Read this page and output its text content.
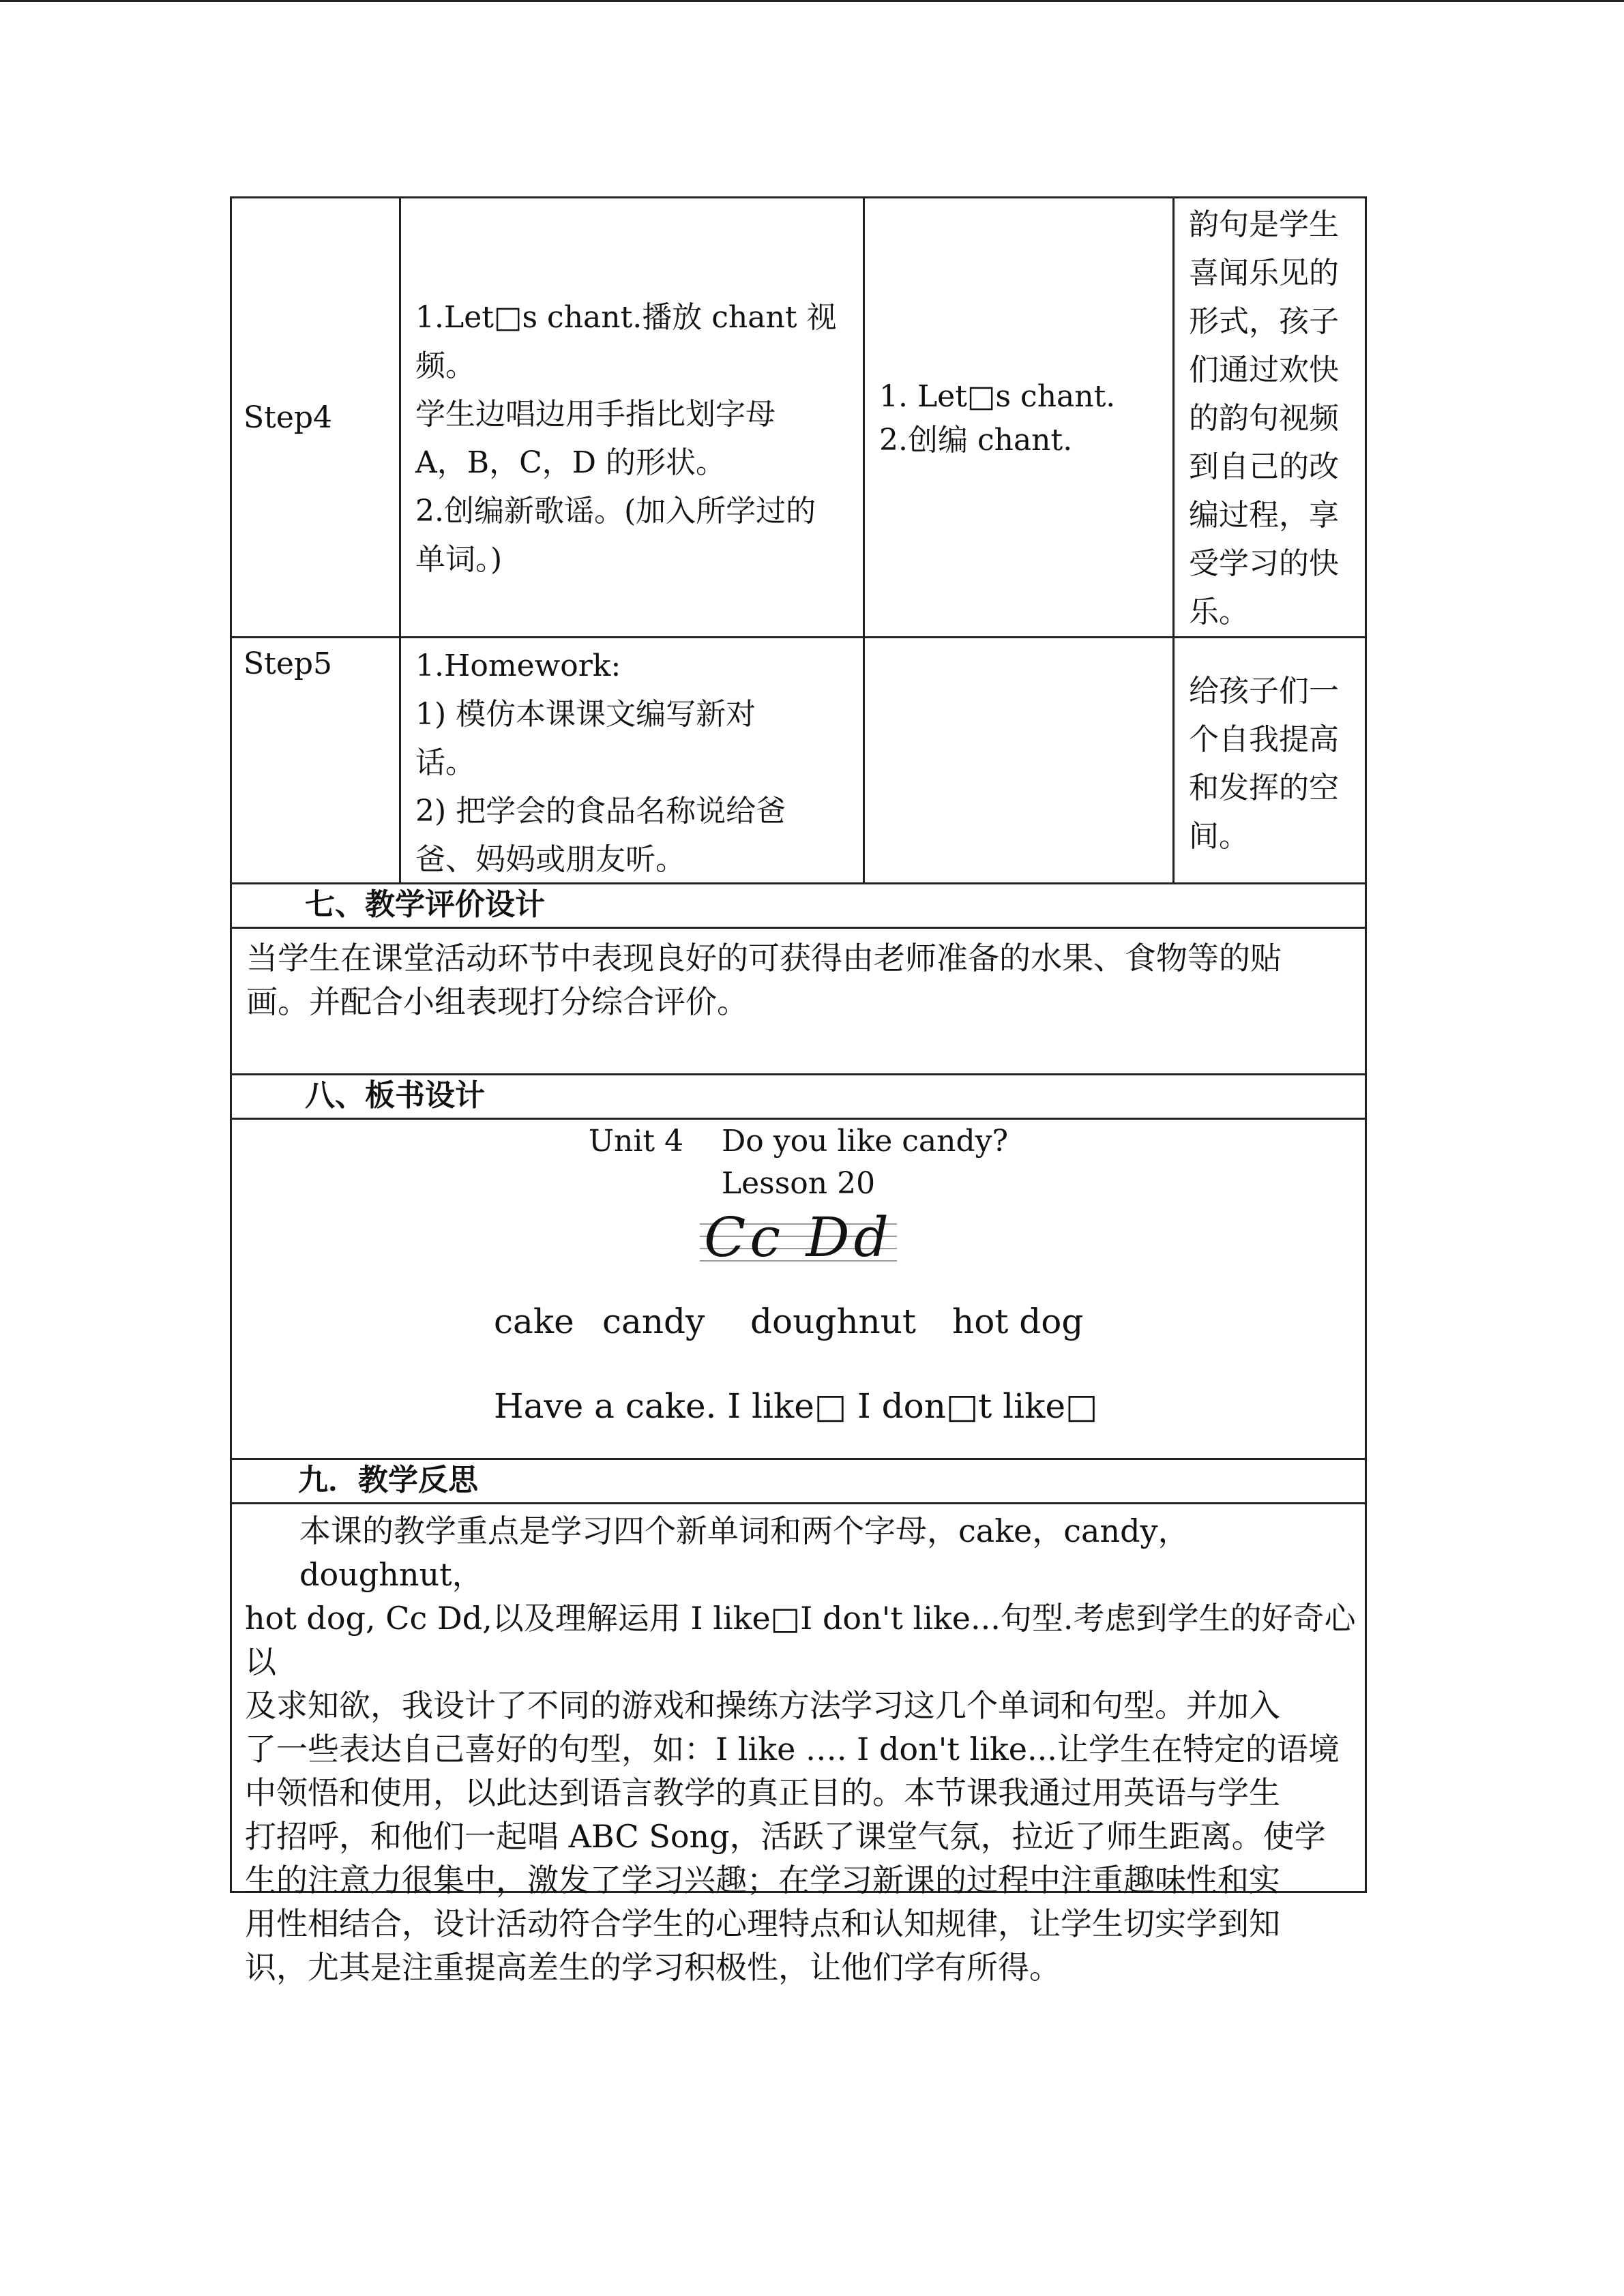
Step4
1.Let□s chant.播放 chant 视频。
学生边唱边用手指比划字母
A，B，C，D 的形状。
2.创编新歌谣。(加入所学过的
单词。)
1. Let□s chant.
2.创编 chant.
韵句是学生
喜闻乐见的
形式，孩子
们通过欢快
的韵句视频
到自己的改
编过程，享
受学习的快
乐。
Step5	1.Homework:
1) 模仿本课课文编写新对
话。
2) 把学会的食品名称说给爸
爸、妈妈或朋友听。
给孩子们一
个自我提高
和发挥的空
间。
七、教学评价设计
当学生在课堂活动环节中表现良好的可获得由老师准备的水果、食物等的贴
画。并配合小组表现打分综合评价。
八、板书设计
Unit 4    Do you like candy?
Lesson 20
Cc Dd
cake candy doughnut hot dog
Have a cake. I like□ I don□t like□
九．教学反思
本课的教学重点是学习四个新单词和两个字母，cake，candy，doughnut，
hot dog, Cc Dd,以及理解运用 I like□I don't like...句型.考虑到学生的好奇心以
及求知欲，我设计了不同的游戏和操练方法学习这几个单词和句型。并加入
了一些表达自己喜好的句型，如：I like …. I don't like...让学生在特定的语境
中领悟和使用，以此达到语言教学的真正目的。本节课我通过用英语与学生
打招呼，和他们一起唱 ABC Song，活跃了课堂气氛，拉近了师生距离。使学
生的注意力很集中，激发了学习兴趣；在学习新课的过程中注重趣味性和实
用性相结合，设计活动符合学生的心理特点和认知规律，让学生切实学到知
识，尤其是注重提高差生的学习积极性，让他们学有所得。
